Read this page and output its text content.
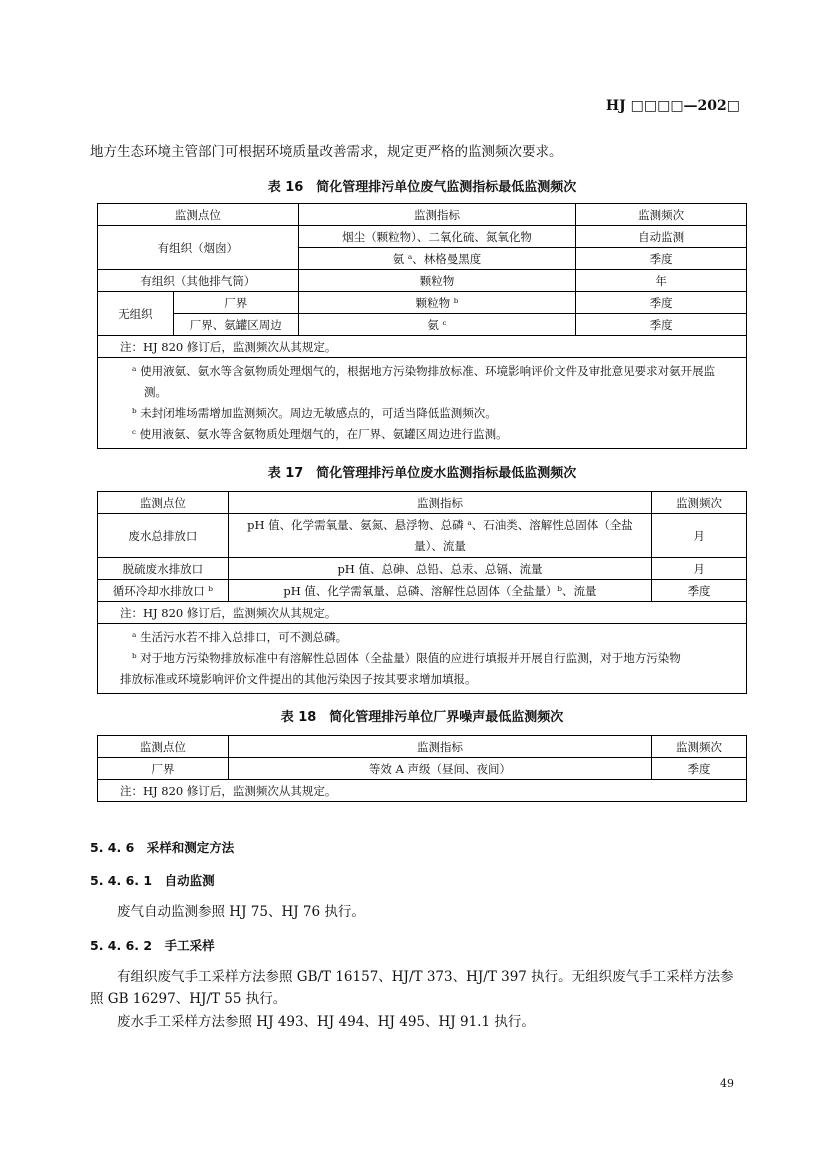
HJ □□□□—202□
地方生态环境主管部门可根据环境质量改善需求，规定更严格的监测频次要求。
表 16　简化管理排污单位废气监测指标最低监测频次
监测点位		监测指标	监测频次
有组织（烟囱）		烟尘（颗粒物）、二氧化硫、氮氧化物	自动监测
		氨 ᵃ、林格曼黑度	季度
有组织（其他排气筒）		颗粒物	年
无组织	厂界	颗粒物 ᵇ	季度
	厂界、氨罐区周边	氨 ᶜ	季度
注：HJ 820 修订后，监测频次从其规定。			

ᵃ 使用液氨、氨水等含氨物质处理烟气的，根据地方污染物排放标准、环境影响评价文件及审批意见要求对氨开展监测。
ᵇ 未封闭堆场需增加监测频次。周边无敏感点的，可适当降低监测频次。
ᶜ 使用液氨、氨水等含氨物质处理烟气的，在厂界、氨罐区周边进行监测。			
表 17　简化管理排污单位废水监测指标最低监测频次
监测点位	监测指标	监测频次
废水总排放口	pH 值、化学需氧量、氨氮、悬浮物、总磷 ᵃ、石油类、溶解性总固体（全盐量）、流量	月
脱硫废水排放口	pH 值、总砷、总铅、总汞、总镉、流量	月
循环冷却水排放口 ᵇ	pH 值、化学需氧量、总磷、溶解性总固体（全盐量）ᵇ、流量	季度
注：HJ 820 修订后，监测频次从其规定。		

ᵃ 生活污水若不排入总排口，可不测总磷。
ᵇ 对于地方污染物排放标准中有溶解性总固体（全盐量）限值的应进行填报并开展自行监测，对于地方污染物
排放标准或环境影响评价文件提出的其他污染因子按其要求增加填报。		
表 18　简化管理排污单位厂界噪声最低监测频次
监测点位	监测指标	监测频次
厂界	等效 A 声级（昼间、夜间）	季度
注：HJ 820 修订后，监测频次从其规定。		
5. 4. 6　采样和测定方法
5. 4. 6. 1　自动监测
废气自动监测参照 HJ 75、HJ 76 执行。
5. 4. 6. 2　手工采样
有组织废气手工采样方法参照 GB/T 16157、HJ/T 373、HJ/T 397 执行。无组织废气手工采样方法参照 GB 16297、HJ/T 55 执行。
废水手工采样方法参照 HJ 493、HJ 494、HJ 495、HJ 91.1 执行。
49
